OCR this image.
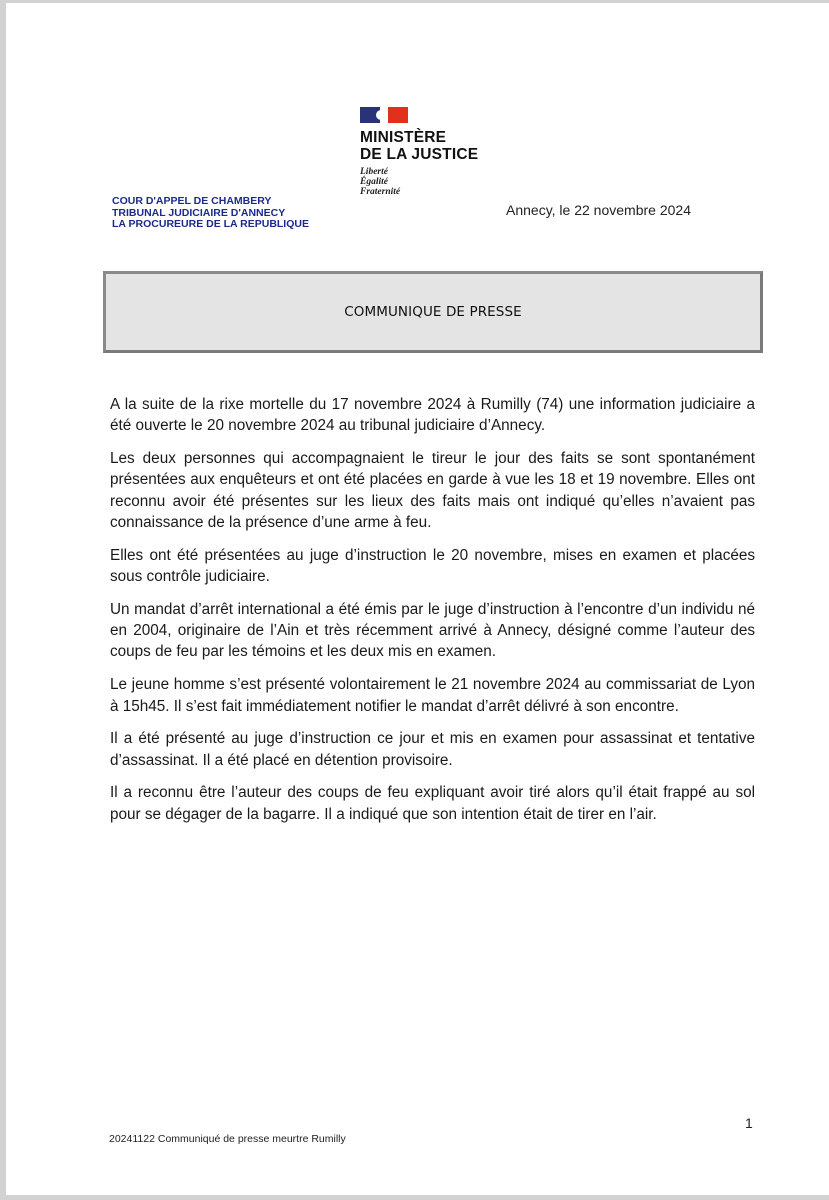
MINISTÈRE
DE LA JUSTICE
Liberté
Égalité
Fraternité
COUR D'APPEL DE CHAMBERY
TRIBUNAL JUDICIAIRE D'ANNECY
LA PROCUREURE DE LA REPUBLIQUE
Annecy, le 22 novembre 2024
COMMUNIQUE DE PRESSE

A la suite de la rixe mortelle du 17 novembre 2024 à Rumilly (74) une information judiciaire a été ouverte le 20 novembre 2024 au tribunal judiciaire d’Annecy.

Les deux personnes qui accompagnaient le tireur le jour des faits se sont spontanément présentées aux enquêteurs et ont été placées en garde à vue les 18 et 19 novembre. Elles ont reconnu avoir été présentes sur les lieux des faits mais ont indiqué qu’elles n’avaient pas connaissance de la présence d’une arme à feu.

Elles ont été présentées au juge d’instruction le 20 novembre, mises en examen et placées sous contrôle judiciaire.

Un mandat d’arrêt international a été émis par le juge d’instruction à l’encontre d’un individu né en 2004, originaire de l’Ain et très récemment arrivé à Annecy, désigné comme l’auteur des coups de feu par les témoins et les deux mis en examen.

Le jeune homme s’est présenté volontairement le 21 novembre 2024 au commissariat de Lyon à 15h45. Il s’est fait immédiatement notifier le mandat d’arrêt délivré à son encontre.

Il a été présenté au juge d’instruction ce jour et mis en examen pour assassinat et tentative d’assassinat. Il a été placé en détention provisoire.

Il a reconnu être l’auteur des coups de feu expliquant avoir tiré alors qu’il était frappé au sol pour se dégager de la bagarre. Il a indiqué que son intention était de tirer en l’air.

1
20241122 Communiqué de presse meurtre Rumilly
